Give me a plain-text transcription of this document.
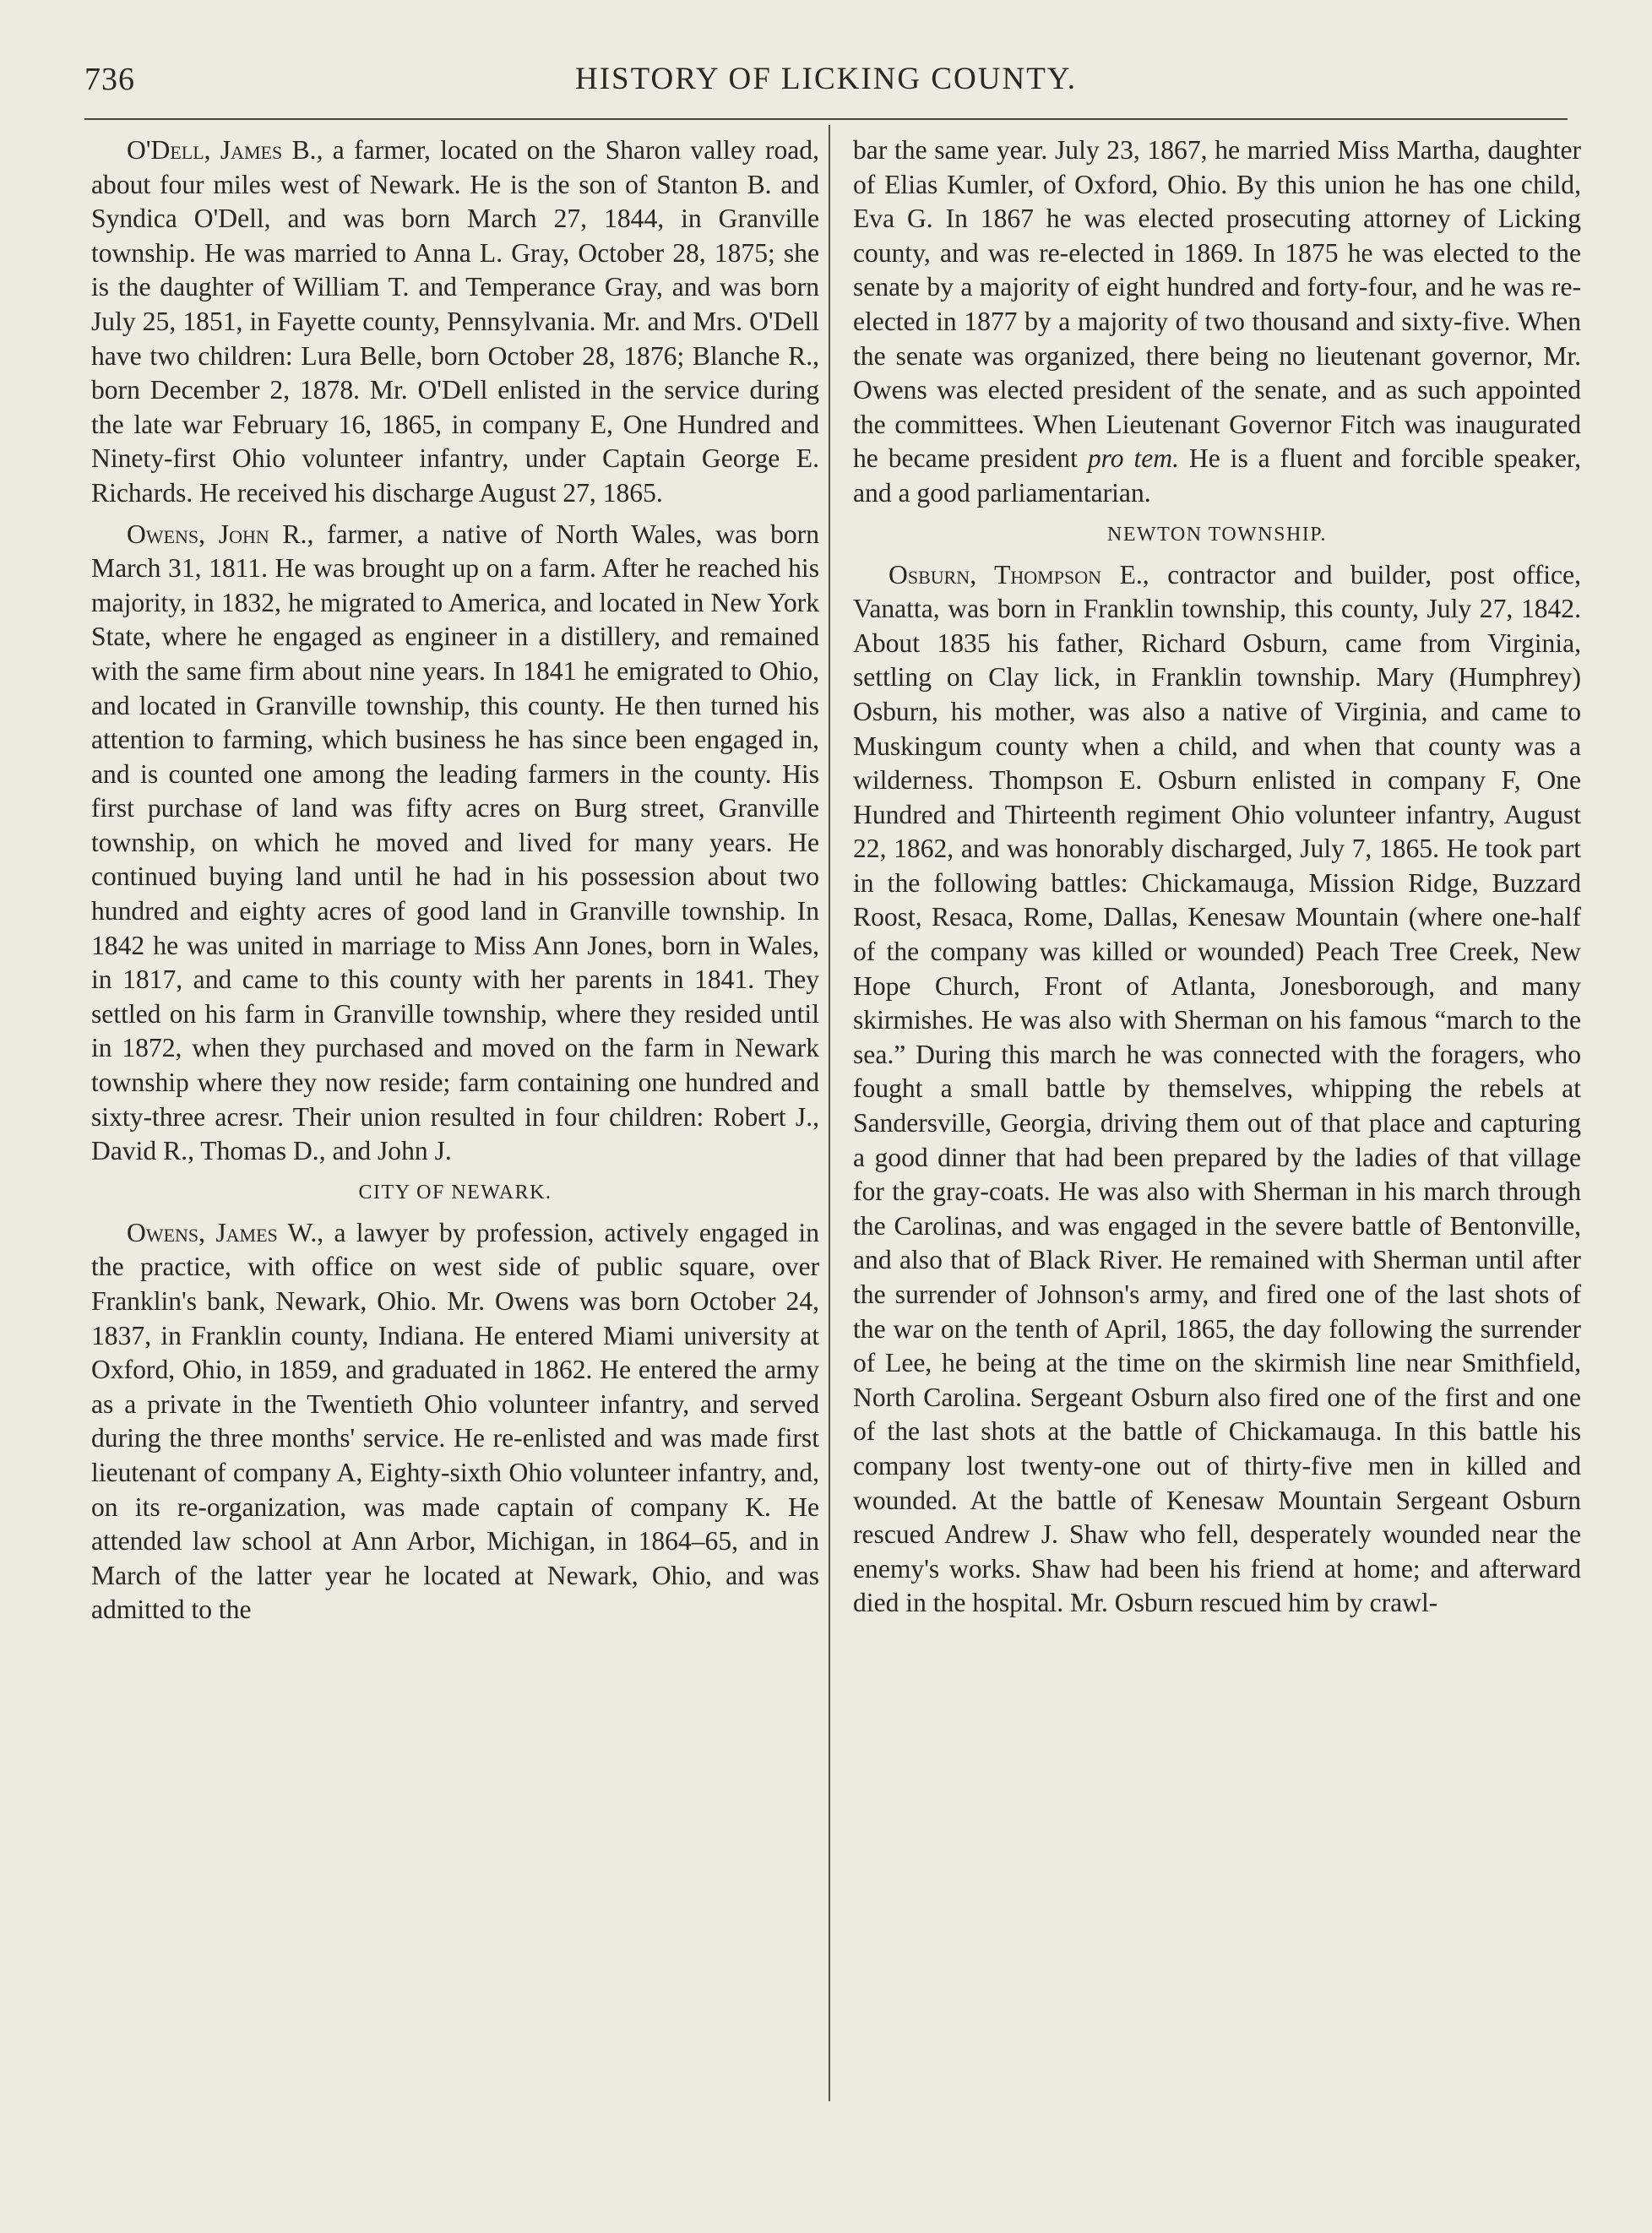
736	HISTORY OF LICKING COUNTY.

O'Dell, James B., a farmer, located on the Sharon valley road, about four miles west of Newark. He is the son of Stanton B. and Syndica O'Dell, and was born March 27, 1844, in Granville township. He was married to Anna L. Gray, October 28, 1875; she is the daughter of William T. and Temperance Gray, and was born July 25, 1851, in Fayette county, Pennsylvania. Mr. and Mrs. O'Dell have two children: Lura Belle, born October 28, 1876; Blanche R., born December 2, 1878. Mr. O'Dell enlisted in the service during the late war February 16, 1865, in company E, One Hundred and Ninety-first Ohio volunteer infantry, under Captain George E. Richards. He received his discharge August 27, 1865.

Owens, John R., farmer, a native of North Wales, was born March 31, 1811. He was brought up on a farm. After he reached his majority, in 1832, he migrated to America, and located in New York State, where he engaged as engineer in a distillery, and remained with the same firm about nine years. In 1841 he emigrated to Ohio, and located in Granville township, this county. He then turned his attention to farming, which business he has since been engaged in, and is counted one among the leading farmers in the county. His first purchase of land was fifty acres on Burg street, Granville township, on which he moved and lived for many years. He continued buying land until he had in his possession about two hundred and eighty acres of good land in Granville township. In 1842 he was united in marriage to Miss Ann Jones, born in Wales, in 1817, and came to this county with her parents in 1841. They settled on his farm in Granville township, where they resided until in 1872, when they purchased and moved on the farm in Newark township where they now reside; farm containing one hundred and sixty-three acresr. Their union resulted in four children: Robert J., David R., Thomas D., and John J.

CITY OF NEWARK.

Owens, James W., a lawyer by profession, actively engaged in the practice, with office on west side of public square, over Franklin's bank, Newark, Ohio. Mr. Owens was born October 24, 1837, in Franklin county, Indiana. He entered Miami university at Oxford, Ohio, in 1859, and graduated in 1862. He entered the army as a private in the Twentieth Ohio volunteer infantry, and served during the three months' service. He re-enlisted and was made first lieutenant of company A, Eighty-sixth Ohio volunteer infantry, and, on its re-organization, was made captain of company K. He attended law school at Ann Arbor, Michigan, in 1864–65, and in March of the latter year he located at Newark, Ohio, and was admitted to the

bar the same year. July 23, 1867, he married Miss Martha, daughter of Elias Kumler, of Oxford, Ohio. By this union he has one child, Eva G. In 1867 he was elected prosecuting attorney of Licking county, and was re-elected in 1869. In 1875 he was elected to the senate by a majority of eight hundred and forty-four, and he was re-elected in 1877 by a majority of two thousand and sixty-five. When the senate was organized, there being no lieutenant governor, Mr. Owens was elected president of the senate, and as such appointed the committees. When Lieutenant Governor Fitch was inaugurated he became president pro tem. He is a fluent and forcible speaker, and a good parliamentarian.

NEWTON TOWNSHIP.

Osburn, Thompson E., contractor and builder, post office, Vanatta, was born in Franklin township, this county, July 27, 1842. About 1835 his father, Richard Osburn, came from Virginia, settling on Clay lick, in Franklin township. Mary (Humphrey) Osburn, his mother, was also a native of Virginia, and came to Muskingum county when a child, and when that county was a wilderness. Thompson E. Osburn enlisted in company F, One Hundred and Thirteenth regiment Ohio volunteer infantry, August 22, 1862, and was honorably discharged, July 7, 1865. He took part in the following battles: Chickamauga, Mission Ridge, Buzzard Roost, Resaca, Rome, Dallas, Kenesaw Mountain (where one-half of the company was killed or wounded) Peach Tree Creek, New Hope Church, Front of Atlanta, Jonesborough, and many skirmishes. He was also with Sherman on his famous “march to the sea.” During this march he was connected with the foragers, who fought a small battle by themselves, whipping the rebels at Sandersville, Georgia, driving them out of that place and capturing a good dinner that had been prepared by the ladies of that village for the gray-coats. He was also with Sherman in his march through the Carolinas, and was engaged in the severe battle of Bentonville, and also that of Black River. He remained with Sherman until after the surrender of Johnson's army, and fired one of the last shots of the war on the tenth of April, 1865, the day following the surrender of Lee, he being at the time on the skirmish line near Smithfield, North Carolina. Sergeant Osburn also fired one of the first and one of the last shots at the battle of Chickamauga. In this battle his company lost twenty-one out of thirty-five men in killed and wounded. At the battle of Kenesaw Mountain Sergeant Osburn rescued Andrew J. Shaw who fell, desperately wounded near the enemy's works. Shaw had been his friend at home; and afterward died in the hospital. Mr. Osburn rescued him by crawl-
